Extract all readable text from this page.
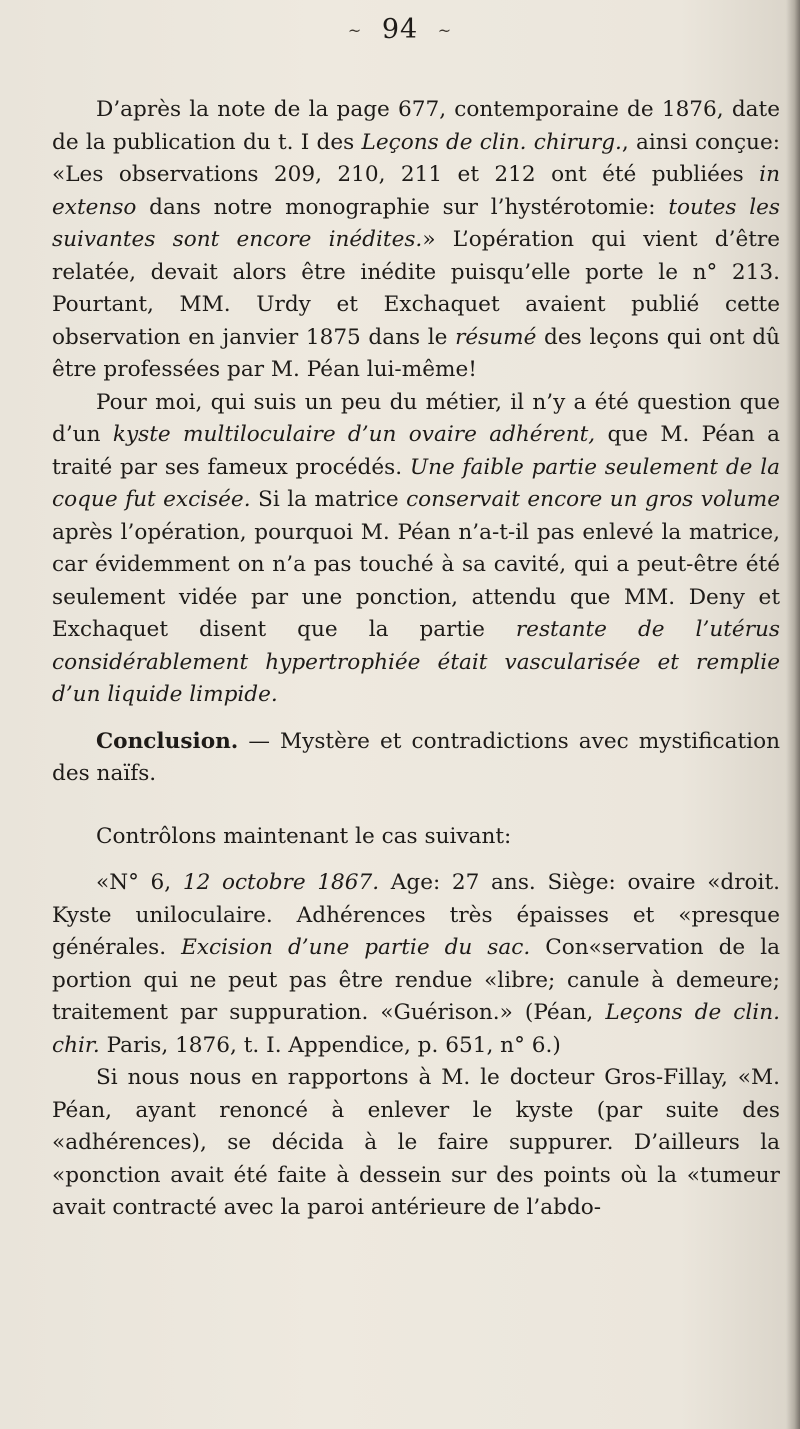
~ 94 ~

D’après la note de la page 677, contemporaine de 1876, date de la publication du t. I des Leçons de clin. chirurg., ainsi conçue: «Les observations 209, 210, 211 et 212 ont été publiées in extenso dans notre monographie sur l’hystérotomie: toutes les suivantes sont encore inédites.» L’opération qui vient d’être relatée, devait alors être inédite puisqu’elle porte le n° 213. Pourtant, MM. Urdy et Exchaquet avaient publié cette observation en janvier 1875 dans le résumé des leçons qui ont dû être professées par M. Péan lui-même!

Pour moi, qui suis un peu du métier, il n’y a été question que d’un kyste multiloculaire d’un ovaire adhérent, que M. Péan a traité par ses fameux procédés. Une faible partie seulement de la coque fut excisée. Si la matrice conservait encore un gros volume après l’opération, pourquoi M. Péan n’a-t-il pas enlevé la matrice, car évidemment on n’a pas touché à sa cavité, qui a peut-être été seulement vidée par une ponction, attendu que MM. Deny et Exchaquet disent que la partie restante de l’utérus considérablement hypertrophiée était vascularisée et remplie d’un liquide limpide.

Conclusion. — Mystère et contradictions avec mystification des naïfs.

Contrôlons maintenant le cas suivant:

«N° 6, 12 octobre 1867. Age: 27 ans. Siège: ovaire «droit. Kyste uniloculaire. Adhérences très épaisses et «presque générales. Excision d’une partie du sac. Con«servation de la portion qui ne peut pas être rendue «libre; canule à demeure; traitement par suppuration. «Guérison.» (Péan, Leçons de clin. chir. Paris, 1876, t. I. Appendice, p. 651, n° 6.)

Si nous nous en rapportons à M. le docteur Gros-Fillay, «M. Péan, ayant renoncé à enlever le kyste (par suite des «adhérences), se décida à le faire suppurer. D’ailleurs la «ponction avait été faite à dessein sur des points où la «tumeur avait contracté avec la paroi antérieure de l’abdo-
